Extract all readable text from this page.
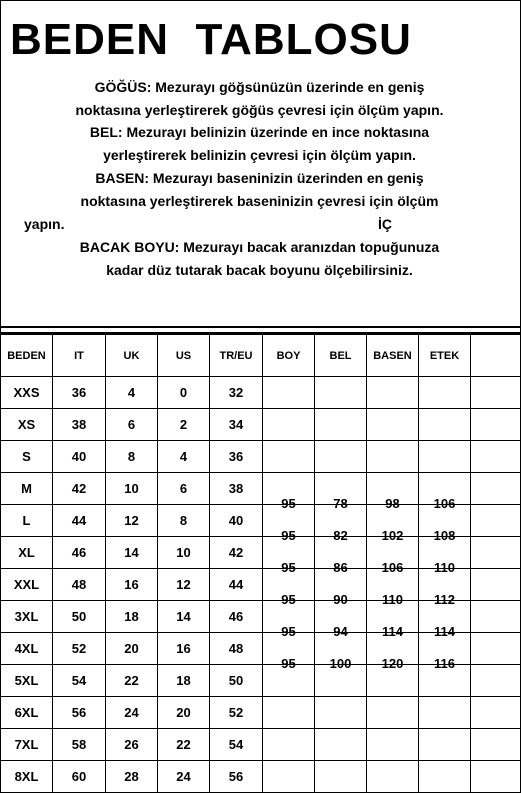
BEDEN  TABLOSU
GÖĞÜS: Mezurayı göğsünüzün üzerinde en geniş
noktasına yerleştirerek göğüs çevresi için ölçüm yapın.
BEL: Mezurayı belinizin üzerinde en ince noktasına
yerleştirerek belinizin çevresi için ölçüm yapın.
BASEN: Mezurayı baseninizin üzerinden en geniş
noktasına yerleştirerek baseninizin çevresi için ölçüm
yapın.	İÇ
BACAK BOYU: Mezurayı bacak aranızdan topuğunuza
kadar düz tutarak bacak boyunu ölçebilirsiniz.
BEDEN	IT	UK	US	TR/EU	BOY	BEL	BASEN	ETEK	
XXS	36	4	0	32					
XS	38	6	2	34					
S	40	8	4	36					
M	42	10	6	38	95	78	98	106	
L	44	12	8	40	95	82	102	108	
XL	46	14	10	42	95	86	106	110	
XXL	48	16	12	44	95	90	110	112	
3XL	50	18	14	46	95	94	114	114	
4XL	52	20	16	48	95	100	120	116	
5XL	54	22	18	50					
6XL	56	24	20	52					
7XL	58	26	22	54					
8XL	60	28	24	56					
